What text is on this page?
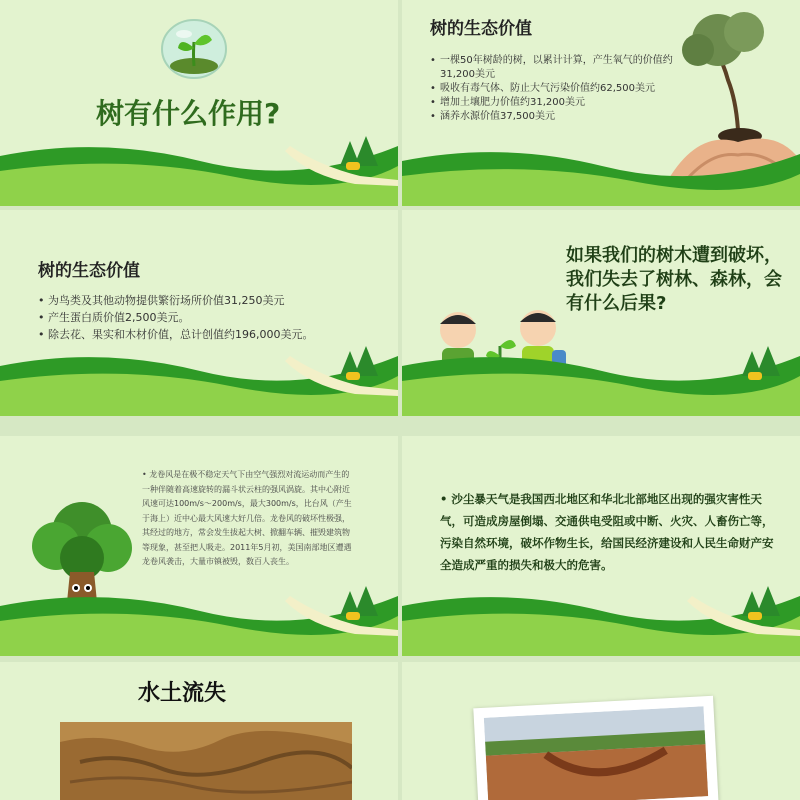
树有什么作用?
树的生态价值
• 一棵50年树龄的树，以累计计算，产生氧气的价值约31,200美元
• 吸收有毒气体、防止大气污染价值约62,500美元
• 增加土壤肥力价值约31,200美元
• 涵养水源价值37,500美元
树的生态价值
• 为鸟类及其他动物提供繁衍场所价值31,250美元
• 产生蛋白质价值2,500美元。
• 除去花、果实和木材价值，总计创值约196,000美元。
如果我们的树木遭到破坏，我们失去了树林、森林，会有什么后果?
• 龙卷风是在极不稳定天气下由空气强烈对流运动而产生的一种伴随着高速旋转的漏斗状云柱的强风涡旋。其中心附近风速可达100m/s～200m/s，最大300m/s，比台风（产生于海上）近中心最大风速大好几倍。龙卷风的破坏性极强，其经过的地方，常会发生拔起大树、掀翻车辆、摧毁建筑物等现象，甚至把人吸走。2011年5月初，美国南部地区遭遇龙卷风袭击，大量市镇被毁，数百人丧生。
• 沙尘暴天气是我国西北地区和华北北部地区出现的强灾害性天气，可造成房屋倒塌、交通供电受阻或中断、火灾、人畜伤亡等，污染自然环境，破坏作物生长，给国民经济建设和人民生命财产安全造成严重的损失和极大的危害。
水土流失
